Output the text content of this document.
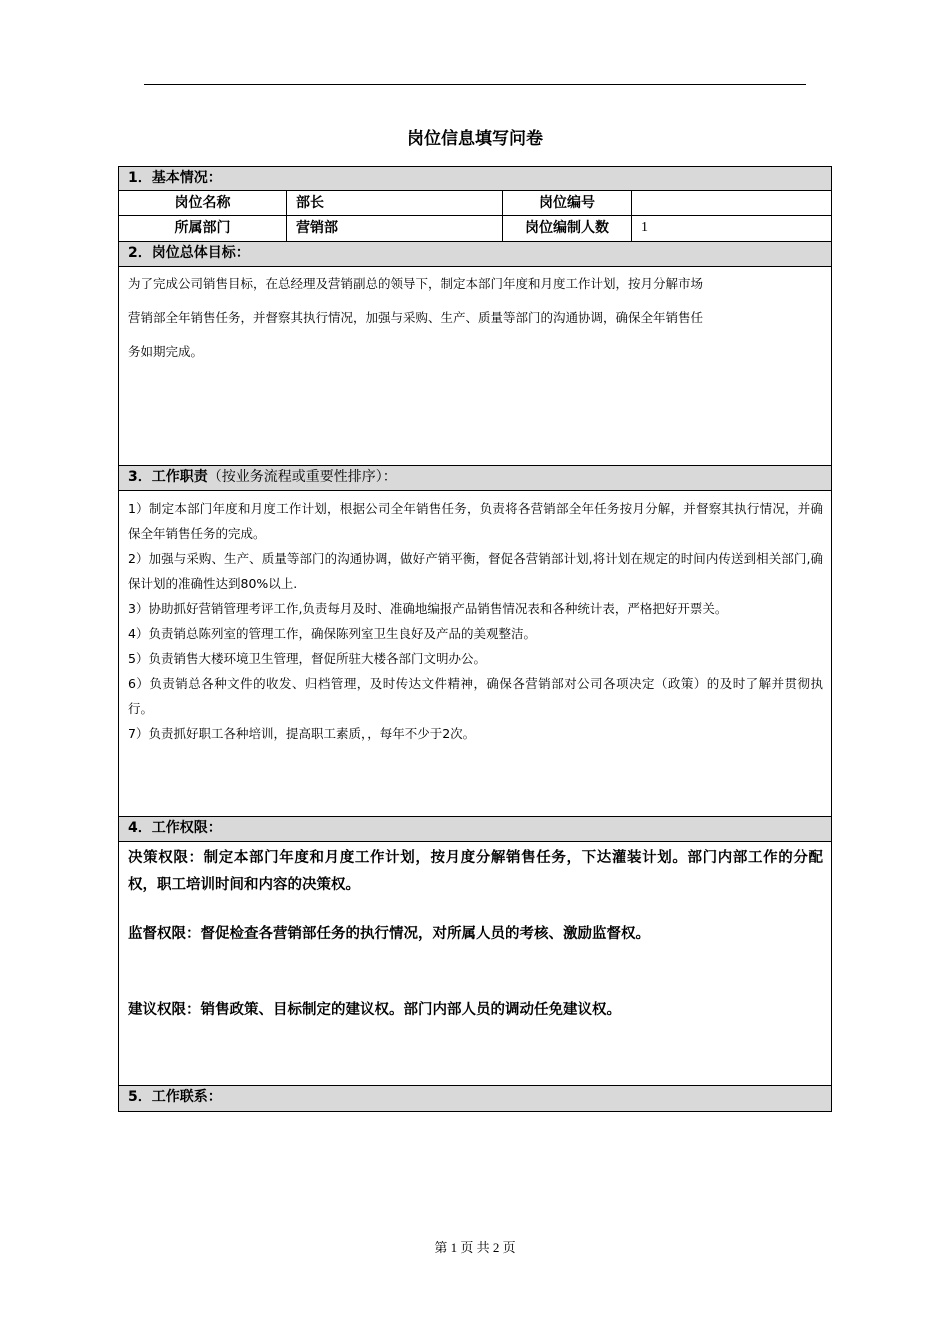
岗位信息填写问卷
1．基本情况：
岗位名称	部长	岗位编号
所属部门	营销部	岗位编制人数	1
2．岗位总体目标：
为了完成公司销售目标，在总经理及营销副总的领导下，制定本部门年度和月度工作计划，按月分解市场
营销部全年销售任务，并督察其执行情况，加强与采购、生产、质量等部门的沟通协调，确保全年销售任
务如期完成。
3．工作职责（按业务流程或重要性排序）：
1）制定本部门年度和月度工作计划，根据公司全年销售任务，负责将各营销部全年任务按月分解，并督察其执行情况，并确保全年销售任务的完成。
2）加强与采购、生产、质量等部门的沟通协调，做好产销平衡，督促各营销部计划,将计划在规定的时间内传送到相关部门,确保计划的准确性达到80%以上.
3）协助抓好营销管理考评工作,负责每月及时、准确地编报产品销售情况表和各种统计表，严格把好开票关。
4）负责销总陈列室的管理工作，确保陈列室卫生良好及产品的美观整洁。
5）负责销售大楼环境卫生管理，督促所驻大楼各部门文明办公。
6）负责销总各种文件的收发、归档管理，及时传达文件精神，确保各营销部对公司各项决定（政策）的及时了解并贯彻执行。
7）负责抓好职工各种培训，提高职工素质，，每年不少于2次。
4．工作权限：

决策权限：制定本部门年度和月度工作计划，按月度分解销售任务，下达灌装计划。部门内部工作的分配权，职工培训时间和内容的决策权。

监督权限：督促检查各营销部任务的执行情况，对所属人员的考核、激励监督权。

建议权限：销售政策、目标制定的建议权。部门内部人员的调动任免建议权。

5．工作联系：
第 1 页 共 2 页
